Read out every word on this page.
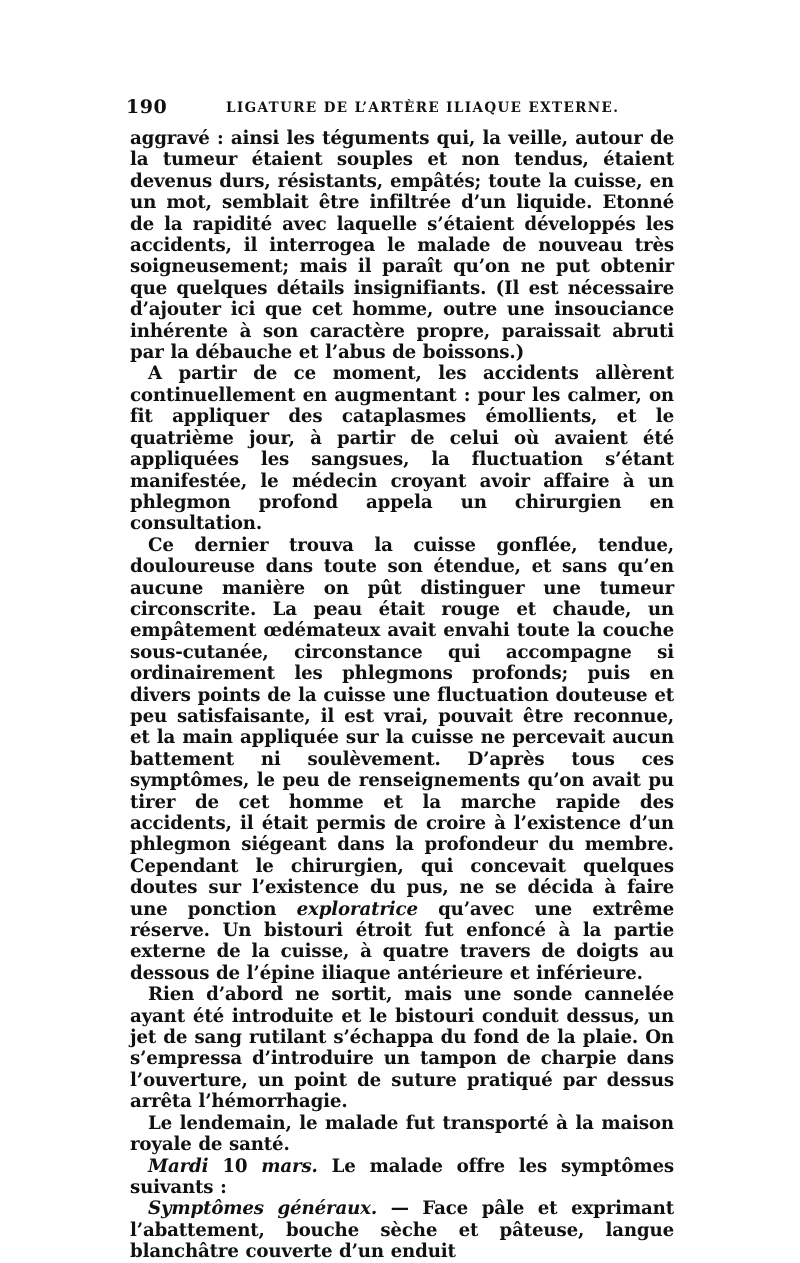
190	LIGATURE DE L’ARTÈRE ILIAQUE EXTERNE.

aggravé : ainsi les téguments qui, la veille, autour de la tumeur étaient souples et non tendus, étaient devenus durs, résistants, empâtés; toute la cuisse, en un mot, semblait être infiltrée d’un liquide. Etonné de la rapidité avec laquelle s’étaient développés les accidents, il interrogea le malade de nouveau très soigneusement; mais il paraît qu’on ne put obtenir que quelques détails insignifiants. (Il est nécessaire d’ajouter ici que cet homme, outre une insouciance inhérente à son caractère propre, paraissait abruti par la débauche et l’abus de boissons.)

A partir de ce moment, les accidents allèrent continuellement en augmentant : pour les calmer, on fit appliquer des cataplasmes émollients, et le quatrième jour, à partir de celui où avaient été appliquées les sangsues, la fluctuation s’étant manifestée, le médecin croyant avoir affaire à un phlegmon profond appela un chirurgien en consultation.

Ce dernier trouva la cuisse gonflée, tendue, douloureuse dans toute son étendue, et sans qu’en aucune manière on pût distinguer une tumeur circonscrite. La peau était rouge et chaude, un empâtement œdémateux avait envahi toute la couche sous-cutanée, circonstance qui accompagne si ordinairement les phlegmons profonds; puis en divers points de la cuisse une fluctuation douteuse et peu satisfaisante, il est vrai, pouvait être reconnue, et la main appliquée sur la cuisse ne percevait aucun battement ni soulèvement. D’après tous ces symptômes, le peu de renseignements qu’on avait pu tirer de cet homme et la marche rapide des accidents, il était permis de croire à l’existence d’un phlegmon siégeant dans la profondeur du membre. Cependant le chirurgien, qui concevait quelques doutes sur l’existence du pus, ne se décida à faire une ponction exploratrice qu’avec une extrême réserve. Un bistouri étroit fut enfoncé à la partie externe de la cuisse, à quatre travers de doigts au dessous de l’épine iliaque antérieure et inférieure.

Rien d’abord ne sortit, mais une sonde cannelée ayant été introduite et le bistouri conduit dessus, un jet de sang rutilant s’échappa du fond de la plaie. On s’empressa d’introduire un tampon de charpie dans l’ouverture, un point de suture pratiqué par dessus arrêta l’hémorrhagie.

Le lendemain, le malade fut transporté à la maison royale de santé.

Mardi 10 mars. Le malade offre les symptômes suivants :

Symptômes généraux. — Face pâle et exprimant l’abattement, bouche sèche et pâteuse, langue blanchâtre couverte d’un enduit
